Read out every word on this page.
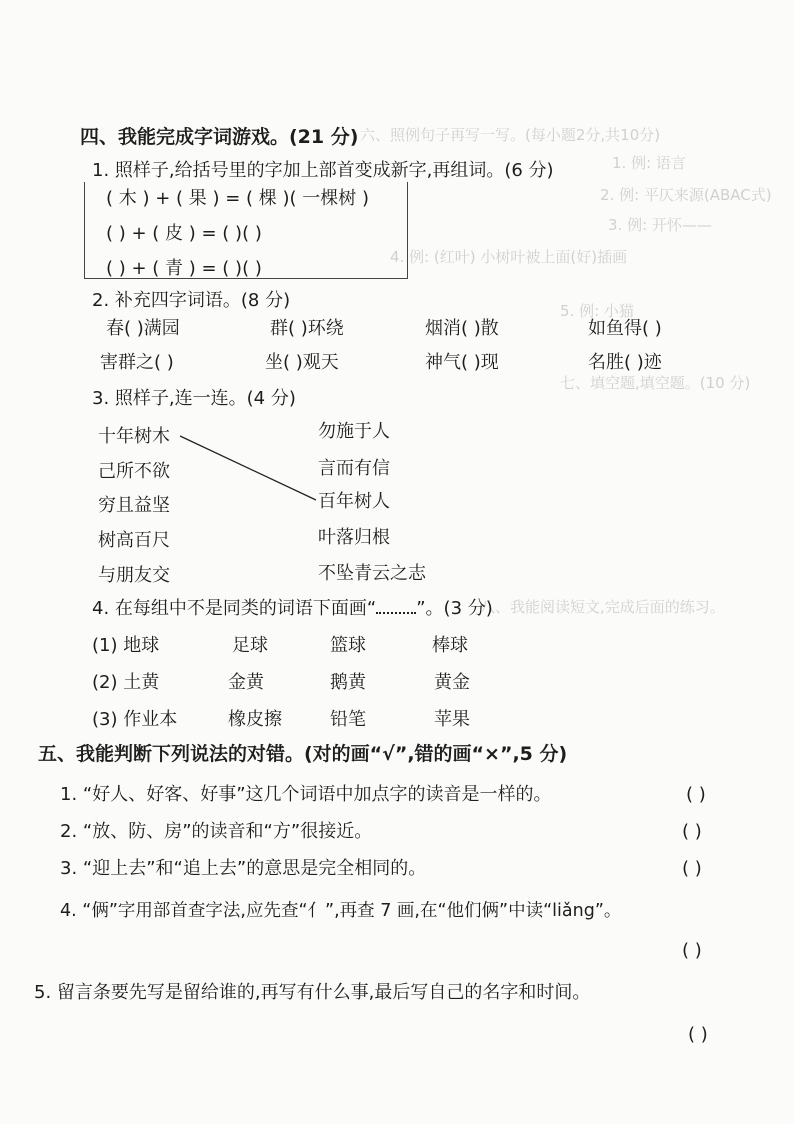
六、照例句子再写一写。(每小题2分,共10分)
1. 例: 语言
2. 例: 平仄来源(ABAC式)
3. 例: 开怀——
4. 例: (红叶) 小树叶被上面(好)插画
5. 例: 小猫
七、填空题,填空题。(10 分)
八、我能阅读短文,完成后面的练习。
四、我能完成字词游戏。(21 分)
1. 照样子,给括号里的字加上部首变成新字,再组词。(6 分)
( 木 ) + ( 果 ) = ( 棵 )( 一棵树 )
( ) + ( 皮 ) = ( )( )
( ) + ( 青 ) = ( )( )
2. 补充四字词语。(8 分)
春( )满园	群( )环绕	烟消( )散	如鱼得( )
害群之( )	坐( )观天	神气( )现	名胜( )迹
3. 照样子,连一连。(4 分)
十年树木
己所不欲
穷且益坚
树高百尺
与朋友交
勿施于人
言而有信
百年树人
叶落归根
不坠青云之志
4. 在每组中不是同类的词语下面画“ ”。(3 分)
(1) 地球	足球	篮球	棒球
(2) 土黄	金黄	鹅黄	黄金
(3) 作业本	橡皮擦	铅笔	苹果
五、我能判断下列说法的对错。(对的画“√”,错的画“×”,5 分)
1. “好人、好客、好事”这几个词语中加点字的读音是一样的。	( )
2. “放、防、房”的读音和“方”很接近。	( )
3. “迎上去”和“追上去”的意思是完全相同的。	( )
4. “俩”字用部首查字法,应先查“亻”,再查 7 画,在“他们俩”中读“liǎng”。
( )
5. 留言条要先写是留给谁的,再写有什么事,最后写自己的名字和时间。
( )
